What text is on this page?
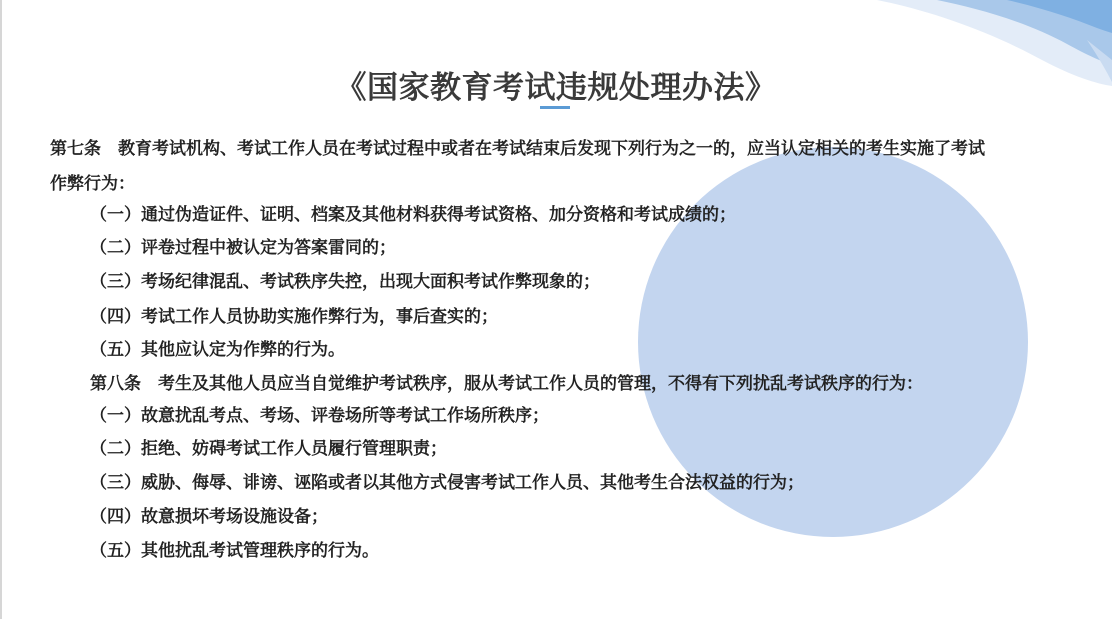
《国家教育考试违规处理办法》
第七条　教育考试机构、考试工作人员在考试过程中或者在考试结束后发现下列行为之一的，应当认定相关的考生实施了考试
作弊行为：
（一）通过伪造证件、证明、档案及其他材料获得考试资格、加分资格和考试成绩的；
（二）评卷过程中被认定为答案雷同的；
（三）考场纪律混乱、考试秩序失控，出现大面积考试作弊现象的；
（四）考试工作人员协助实施作弊行为，事后查实的；
（五）其他应认定为作弊的行为。
第八条　考生及其他人员应当自觉维护考试秩序，服从考试工作人员的管理，不得有下列扰乱考试秩序的行为：
（一）故意扰乱考点、考场、评卷场所等考试工作场所秩序；
（二）拒绝、妨碍考试工作人员履行管理职责；
（三）威胁、侮辱、诽谤、诬陷或者以其他方式侵害考试工作人员、其他考生合法权益的行为；
（四）故意损坏考场设施设备；
（五）其他扰乱考试管理秩序的行为。
